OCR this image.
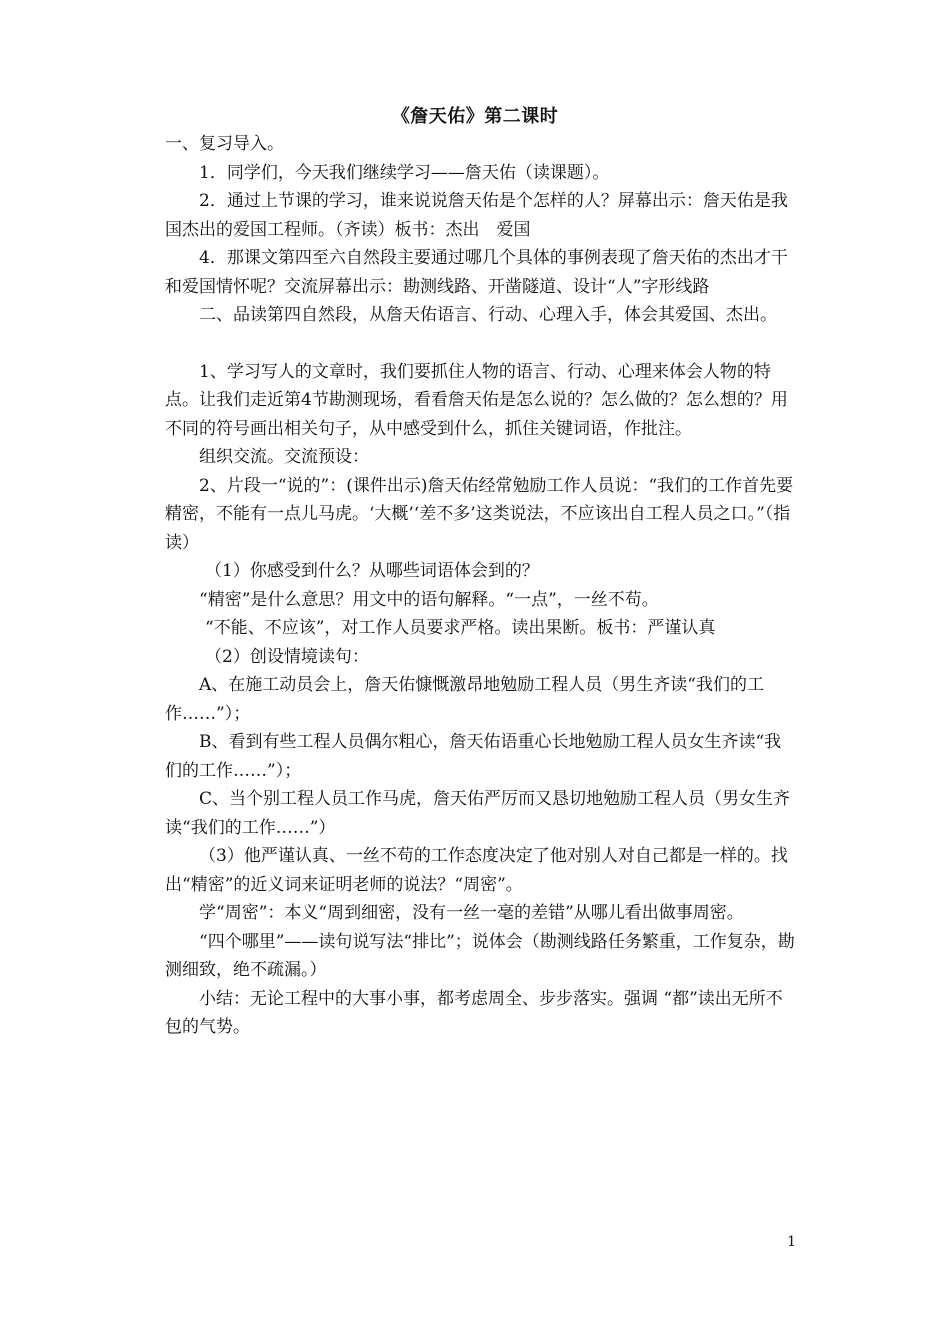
《詹天佑》第二课时

一、复习导入。

1．同学们，今天我们继续学习——詹天佑（读课题）。

2．通过上节课的学习，谁来说说詹天佑是个怎样的人？屏幕出示：詹天佑是我国杰出的爱国工程师。（齐读）板书：杰出　爱国

4．那课文第四至六自然段主要通过哪几个具体的事例表现了詹天佑的杰出才干和爱国情怀呢？交流屏幕出示：勘测线路、开凿隧道、设计“人”字形线路

二、品读第四自然段，从詹天佑语言、行动、心理入手，体会其爱国、杰出。

1、学习写人的文章时，我们要抓住人物的语言、行动、心理来体会人物的特点。让我们走近第4节勘测现场，看看詹天佑是怎么说的？怎么做的？怎么想的？用不同的符号画出相关句子，从中感受到什么，抓住关键词语，作批注。

组织交流。交流预设：

2、片段一“说的”：(课件出示)詹天佑经常勉励工作人员说：“我们的工作首先要精密，不能有一点儿马虎。‘大概’‘差不多’这类说法，不应该出自工程人员之口。”（指读）

（1）你感受到什么？从哪些词语体会到的？

“精密”是什么意思？用文中的语句解释。“一点”，一丝不苟。

“不能、不应该”，对工作人员要求严格。读出果断。板书：严谨认真

（2）创设情境读句：

A、在施工动员会上，詹天佑慷慨激昂地勉励工程人员（男生齐读“我们的工作……”）；

B、看到有些工程人员偶尔粗心，詹天佑语重心长地勉励工程人员女生齐读“我们的工作……”）；

C、当个别工程人员工作马虎，詹天佑严厉而又恳切地勉励工程人员（男女生齐读“我们的工作……”）

（3）他严谨认真、一丝不苟的工作态度决定了他对别人对自己都是一样的。找出“精密”的近义词来证明老师的说法？“周密”。

学“周密”：本义“周到细密，没有一丝一毫的差错”从哪儿看出做事周密。

“四个哪里”——读句说写法“排比”；说体会（勘测线路任务繁重，工作复杂，勘测细致，绝不疏漏。）

小结：无论工程中的大事小事，都考虑周全、步步落实。强调 “都”读出无所不包的气势。

1
